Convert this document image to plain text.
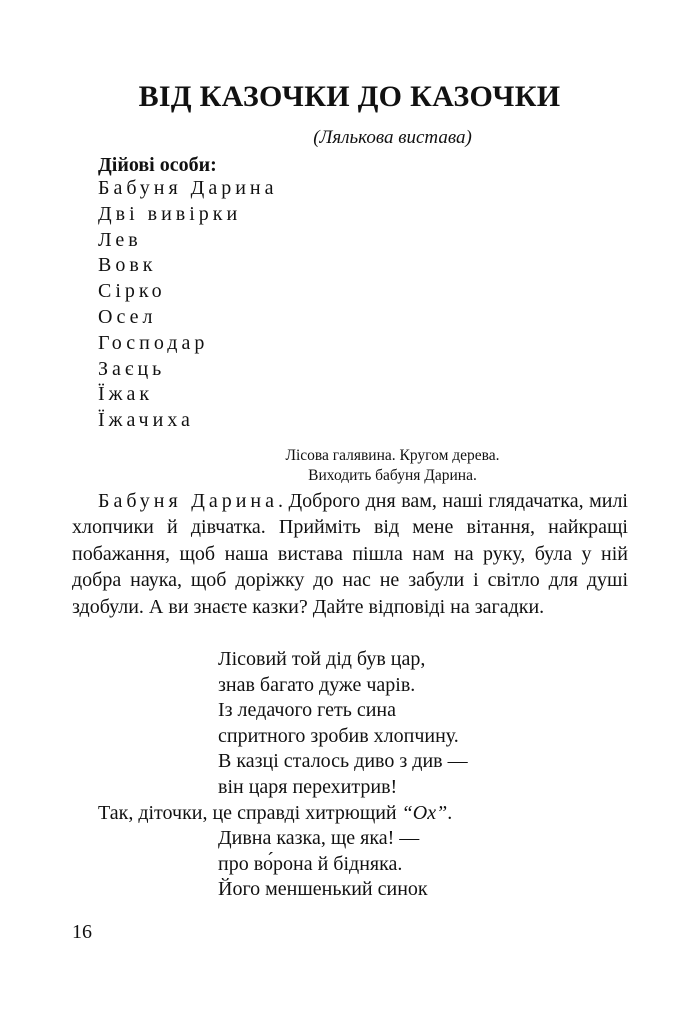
ВІД КАЗОЧКИ ДО КАЗОЧКИ
(Лялькова вистава)
Дійові особи:
Бабуня Дарина
Дві вивірки
Лев
Вовк
Сірко
Осел
Господар
Заєць
Їжак
Їжачиха
Лісова галявина. Кругом дерева.
Виходить бабуня Дарина.

Бабуня Дарина. Доброго дня вам, наші глядачатка, милі хлопчики й дівчатка. Прийміть від мене вітання, найкращі побажання, щоб наша вистава пішла нам на руку, була у ній добра наука, щоб доріжку до нас не забули і світло для душі здобули. А ви знаєте казки? Дайте відповіді на загадки.

Лісовий той дід був цар,
знав багато дуже чарів.
Із ледачого геть сина
спритного зробив хлопчину.
В казці сталось диво з див —
він царя перехитрив!
Так, діточки, це справді хитрющий “Ох”.
Дивна казка, ще яка! —
про во́рона й бідняка.
Його меншенький синок
16
